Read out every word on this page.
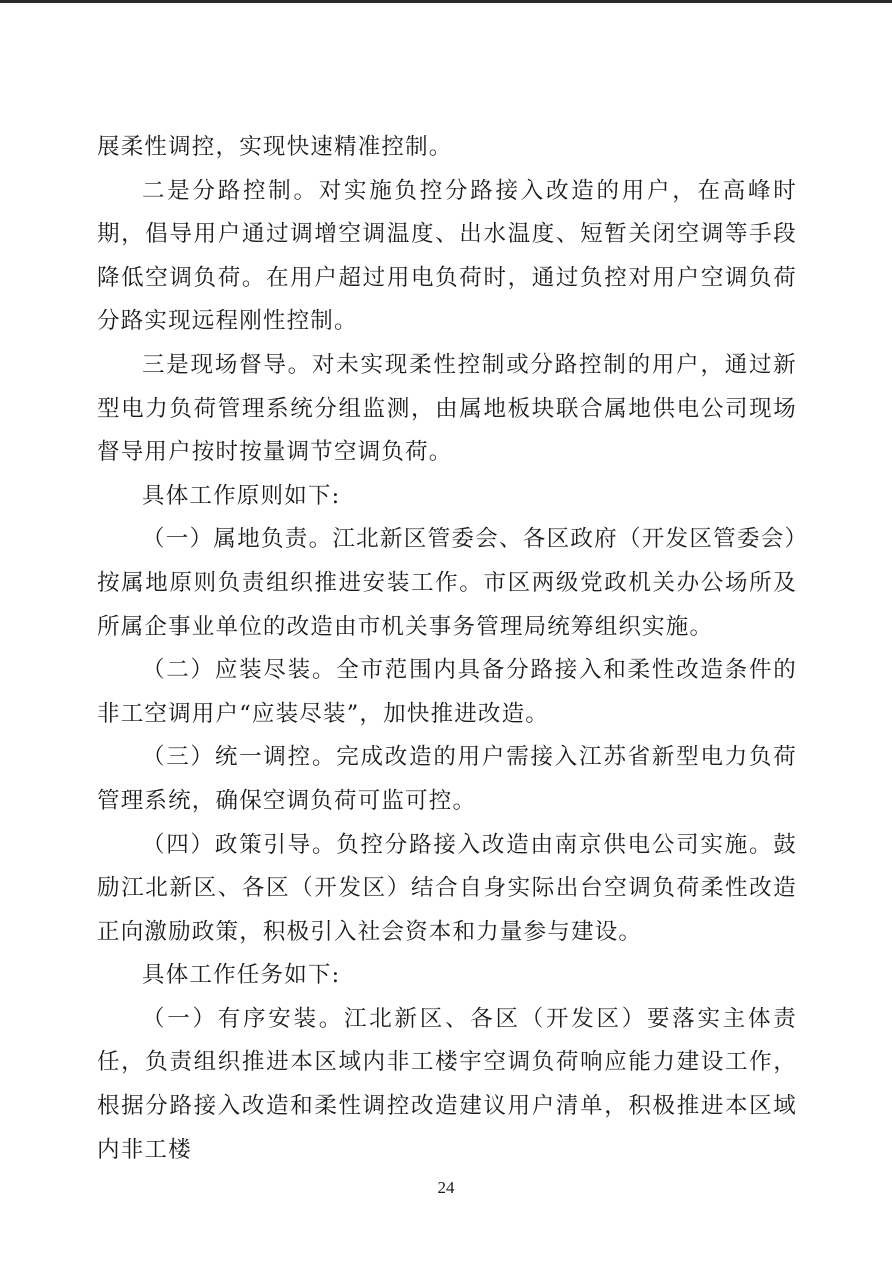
展柔性调控，实现快速精准控制。

二是分路控制。对实施负控分路接入改造的用户，在高峰时期，倡导用户通过调增空调温度、出水温度、短暂关闭空调等手段降低空调负荷。在用户超过用电负荷时，通过负控对用户空调负荷分路实现远程刚性控制。

三是现场督导。对未实现柔性控制或分路控制的用户，通过新型电力负荷管理系统分组监测，由属地板块联合属地供电公司现场督导用户按时按量调节空调负荷。

具体工作原则如下:

（一）属地负责。江北新区管委会、各区政府（开发区管委会）按属地原则负责组织推进安装工作。市区两级党政机关办公场所及所属企事业单位的改造由市机关事务管理局统筹组织实施。

（二）应装尽装。全市范围内具备分路接入和柔性改造条件的非工空调用户“应装尽装”，加快推进改造。

（三）统一调控。完成改造的用户需接入江苏省新型电力负荷管理系统，确保空调负荷可监可控。

（四）政策引导。负控分路接入改造由南京供电公司实施。鼓励江北新区、各区（开发区）结合自身实际出台空调负荷柔性改造正向激励政策，积极引入社会资本和力量参与建设。

具体工作任务如下:

（一）有序安装。江北新区、各区（开发区）要落实主体责任，负责组织推进本区域内非工楼宇空调负荷响应能力建设工作，根据分路接入改造和柔性调控改造建议用户清单，积极推进本区域内非工楼

24
